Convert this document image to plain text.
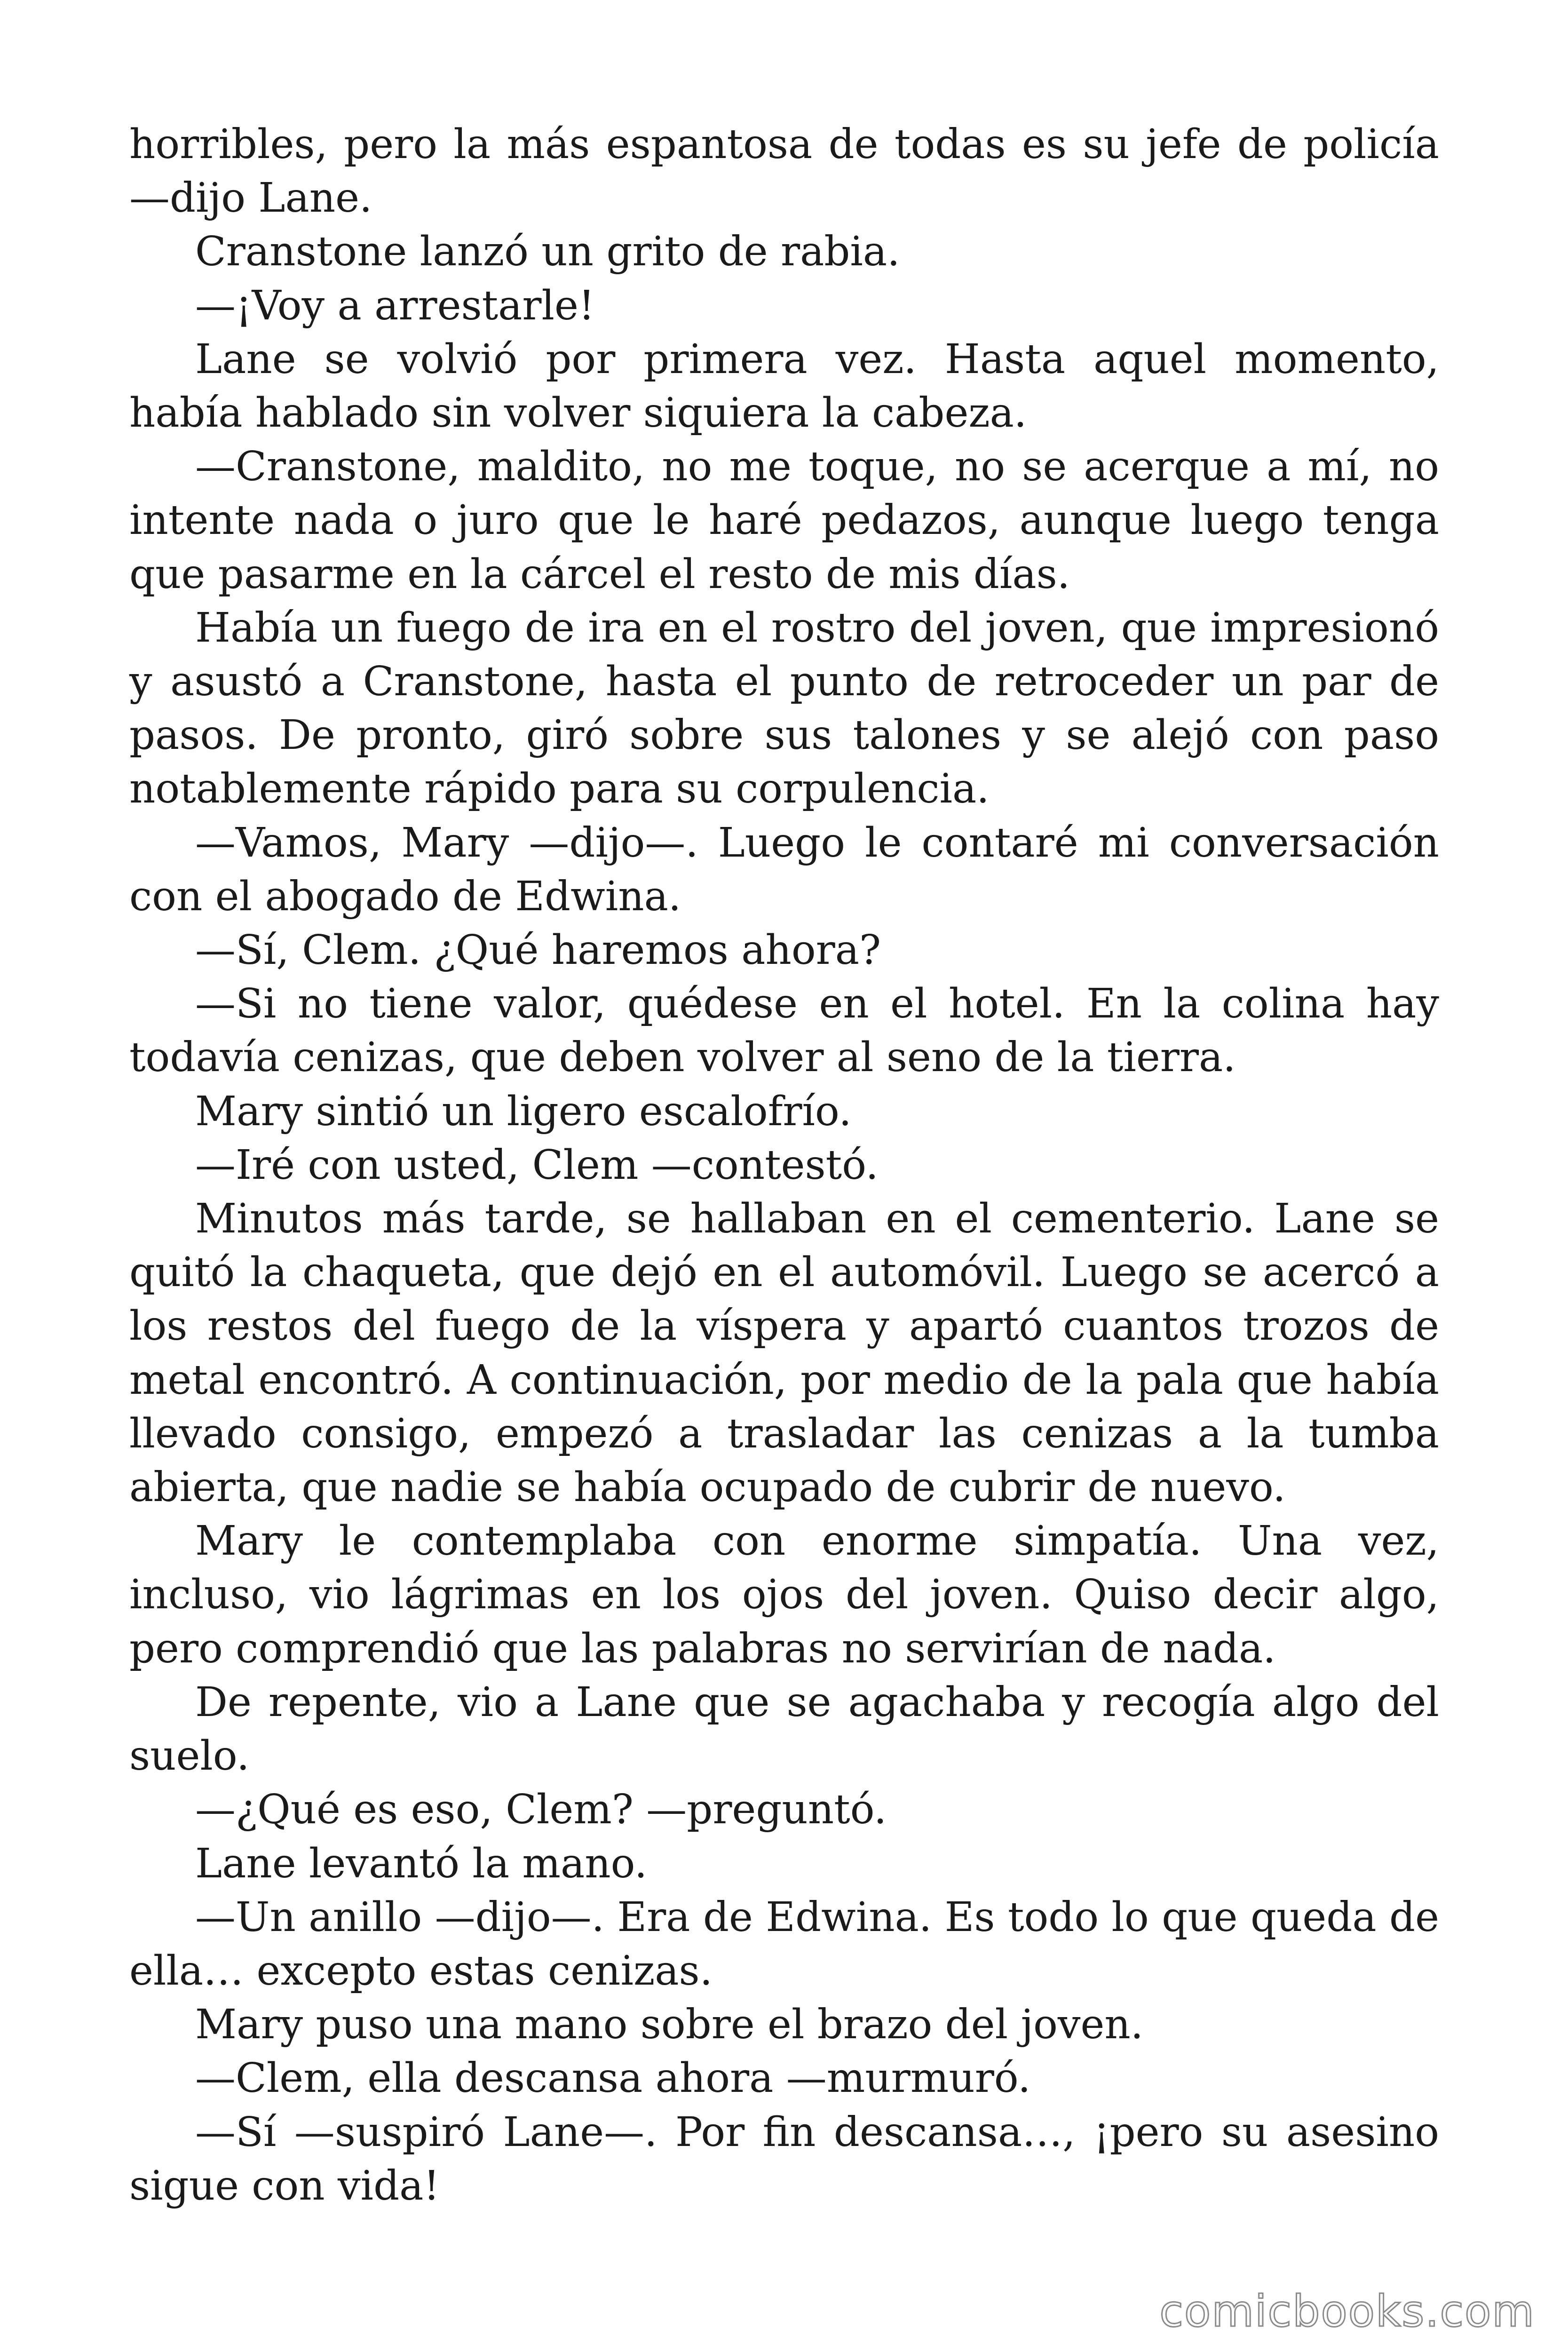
horribles, pero la más espantosa de todas es su jefe de policía —dijo Lane.

Cranstone lanzó un grito de rabia.

—¡Voy a arrestarle!

Lane se volvió por primera vez. Hasta aquel momento, había hablado sin volver siquiera la cabeza.

—Cranstone, maldito, no me toque, no se acerque a mí, no intente nada o juro que le haré pedazos, aunque luego tenga que pasarme en la cárcel el resto de mis días.

Había un fuego de ira en el rostro del joven, que impresionó y asustó a Cranstone, hasta el punto de retroceder un par de pasos. De pronto, giró sobre sus talones y se alejó con paso notablemente rápido para su corpulencia.

—Vamos, Mary —dijo—. Luego le contaré mi conversación con el abogado de Edwina.

—Sí, Clem. ¿Qué haremos ahora?

—Si no tiene valor, quédese en el hotel. En la colina hay todavía cenizas, que deben volver al seno de la tierra.

Mary sintió un ligero escalofrío.

—Iré con usted, Clem —contestó.

Minutos más tarde, se hallaban en el cementerio. Lane se quitó la chaqueta, que dejó en el automóvil. Luego se acercó a los restos del fuego de la víspera y apartó cuantos trozos de metal encontró. A continuación, por medio de la pala que había llevado consigo, empezó a trasladar las cenizas a la tumba abierta, que nadie se había ocupado de cubrir de nuevo.

Mary le contemplaba con enorme simpatía. Una vez, incluso, vio lágrimas en los ojos del joven. Quiso decir algo, pero comprendió que las palabras no servirían de nada.

De repente, vio a Lane que se agachaba y recogía algo del suelo.

—¿Qué es eso, Clem? —preguntó.

Lane levantó la mano.

—Un anillo —dijo—. Era de Edwina. Es todo lo que queda de ella… excepto estas cenizas.

Mary puso una mano sobre el brazo del joven.

—Clem, ella descansa ahora —murmuró.

—Sí —suspiró Lane—. Por fin descansa…, ¡pero su asesino sigue con vida!

comicbooks.com
